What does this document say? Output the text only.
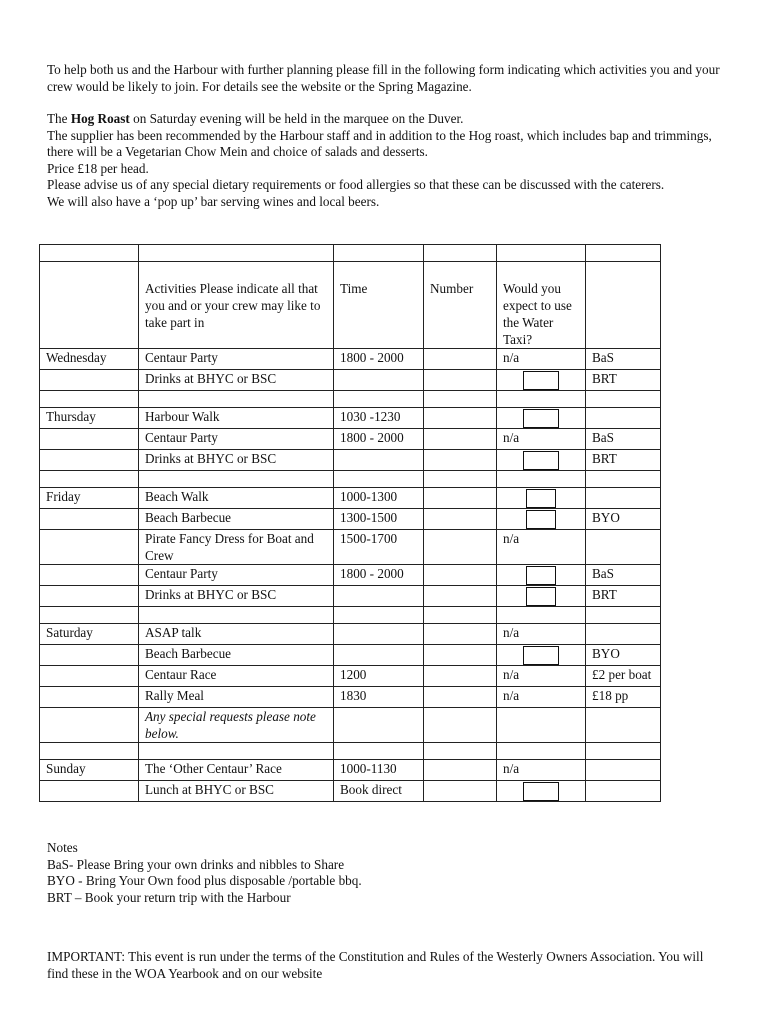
To help both us and the Harbour with further planning please fill in the following form indicating which activities you and your crew would be likely to join. For details see the website or the Spring Magazine.

The Hog Roast on Saturday evening will be held in the marquee on the Duver.

The supplier has been recommended by the Harbour staff and in addition to the Hog roast, which includes bap and trimmings, there will be a Vegetarian Chow Mein and choice of salads and desserts.

Price £18 per head.

Please advise us of any special dietary requirements or food allergies so that these can be discussed with the caterers.

We will also have a ‘pop up’ bar serving wines and local beers.

	Activities Please indicate all that you and or your crew may like to take part in	Time	Number	Would you expect to use the Water Taxi?	
Wednesday	Centaur Party	1800 - 2000		n/a	BaS
	Drinks at BHYC or BSC				BRT

Thursday	Harbour Walk	1030 -1230			
	Centaur Party	1800 - 2000		n/a	BaS
	Drinks at BHYC or BSC				BRT

Friday	Beach Walk	1000-1300			
	Beach Barbecue	1300-1500			BYO
	Pirate Fancy Dress for Boat and Crew	1500-1700		n/a	
	Centaur Party	1800 - 2000			BaS
	Drinks at BHYC or BSC				BRT

Saturday	ASAP talk			n/a	
	Beach Barbecue				BYO
	Centaur Race	1200		n/a	£2 per boat
	Rally Meal	1830		n/a	£18 pp
	Any special requests please note below.				

Sunday	The ‘Other Centaur’ Race	1000-1130		n/a	
	Lunch at BHYC or BSC	Book direct			

Notes

BaS- Please Bring your own drinks and nibbles to Share

BYO - Bring Your Own food plus disposable /portable bbq.

BRT – Book your return trip with the Harbour

IMPORTANT: This event is run under the terms of the Constitution and Rules of the Westerly Owners Association. You will find these in the WOA Yearbook and on our website
